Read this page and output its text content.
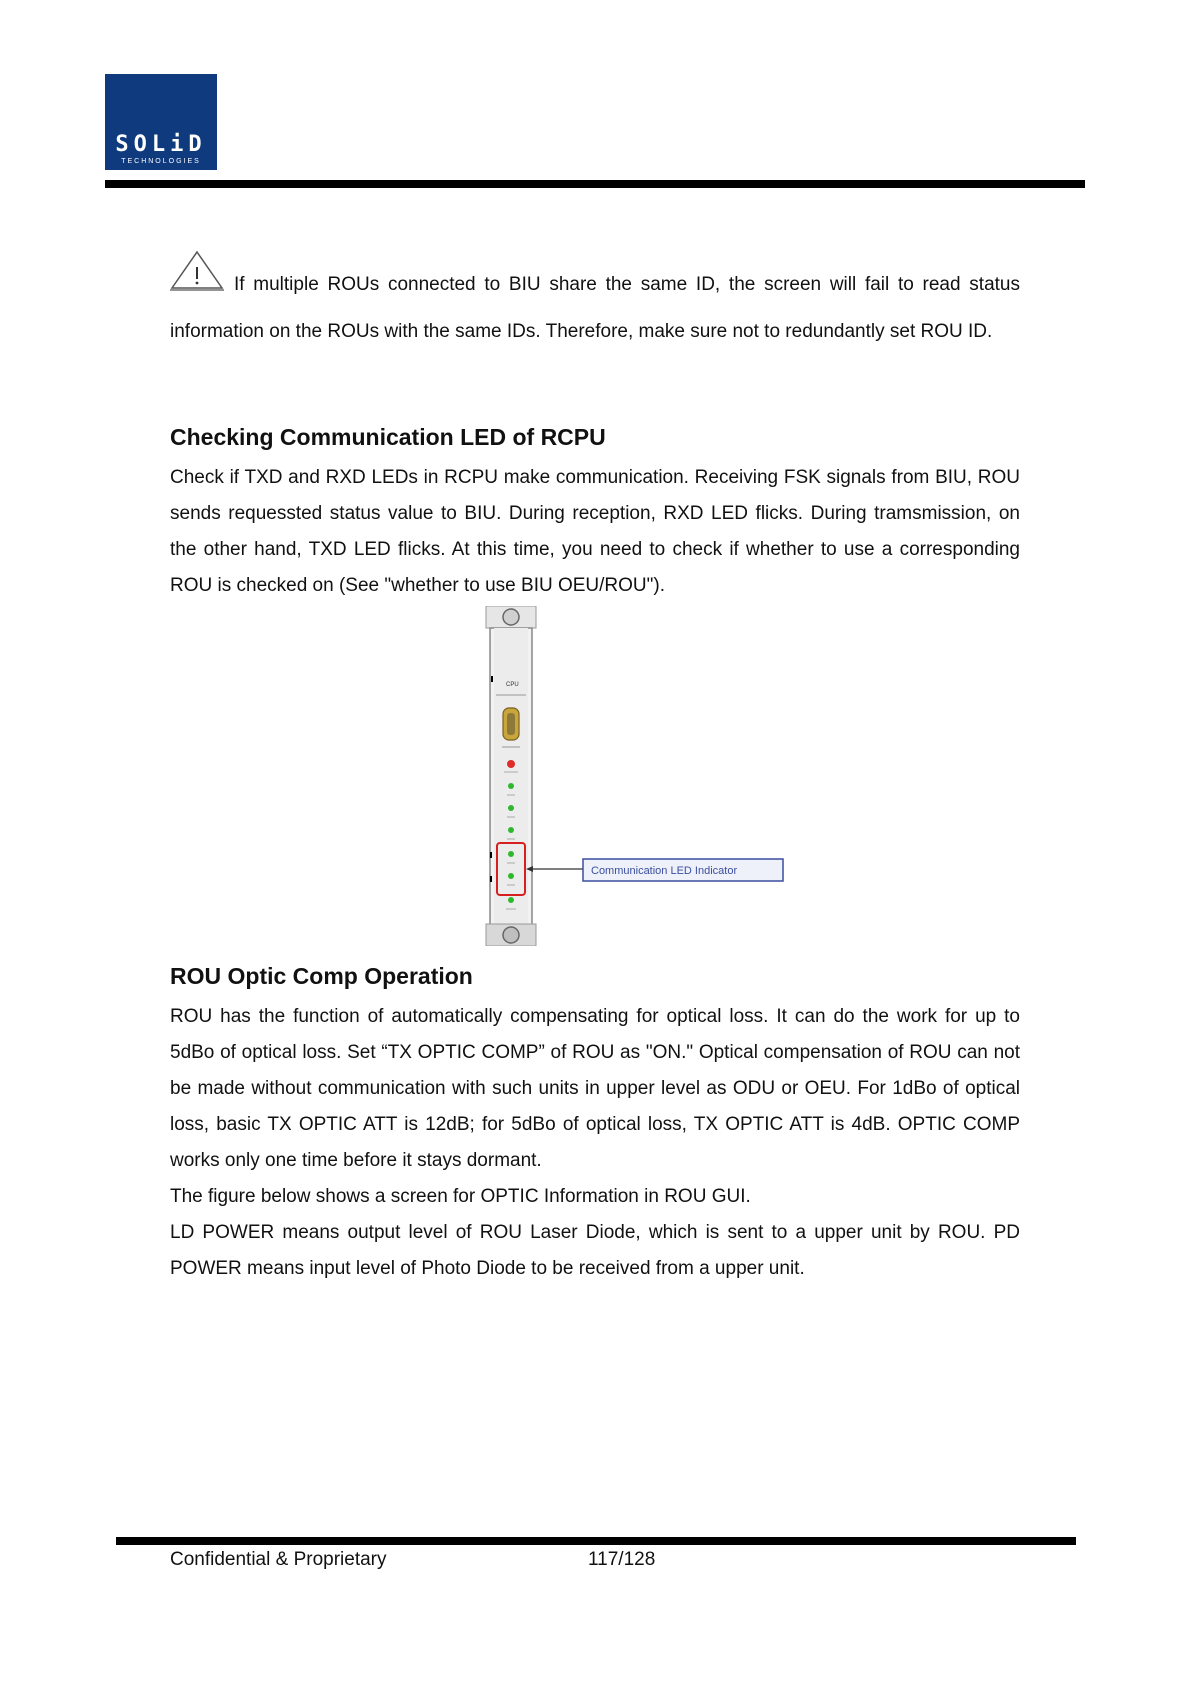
SOLiD
TECHNOLOGIES
If multiple ROUs connected to BIU share the same ID, the screen will fail to read status
information on the ROUs with the same IDs. Therefore, make sure not to redundantly set ROU ID.
Checking Communication LED of RCPU
Check if TXD and RXD LEDs in RCPU make communication. Receiving FSK signals from BIU, ROU sends requessted status value to BIU. During reception, RXD LED flicks. During tramsmission, on the other hand, TXD LED flicks. At this time, you need to check if whether to use a corresponding ROU is checked on (See "whether to use BIU OEU/ROU").
CPU
Communication LED Indicator
ROU Optic Comp Operation
ROU has the function of automatically compensating for optical loss. It can do the work for up to 5dBo of optical loss. Set “TX OPTIC COMP” of ROU as "ON." Optical compensation of ROU can not be made without communication with such units in upper level as ODU or OEU. For 1dBo of optical loss, basic TX OPTIC ATT is 12dB; for 5dBo of optical loss, TX OPTIC ATT is 4dB. OPTIC COMP works only one time before it stays dormant.
The figure below shows a screen for OPTIC Information in ROU GUI.
LD POWER means output level of ROU Laser Diode, which is sent to a upper unit by ROU. PD POWER means input level of Photo Diode to be received from a upper unit.
Confidential & Proprietary	117/128
